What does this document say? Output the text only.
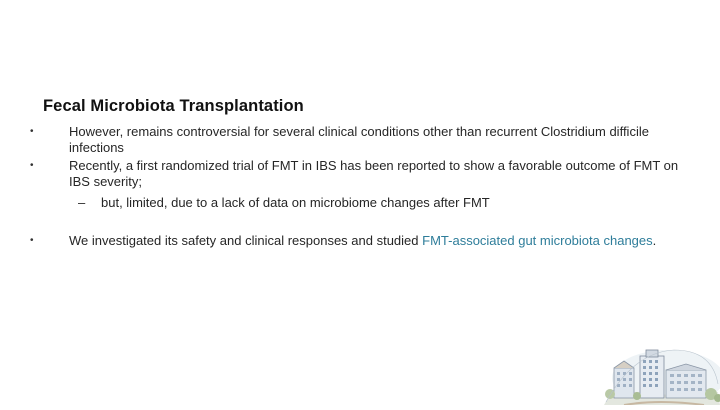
Fecal Microbiota Transplantation
•	However, remains controversial for several clinical conditions other than recurrent Clostridium difficile infections
•	Recently, a first randomized trial of FMT in IBS has been reported to show a favorable outcome of FMT on IBS severity;
– but, limited, due to a lack of data on microbiome changes after FMT
•	We investigated its safety and clinical responses and studied FMT-associated gut microbiota changes.
